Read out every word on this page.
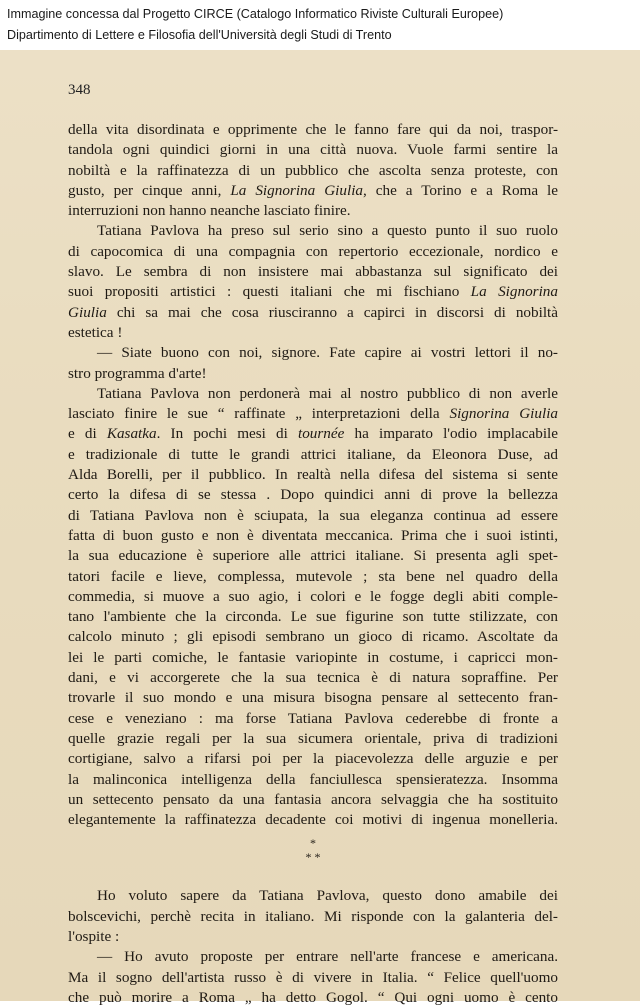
Immagine concessa dal Progetto CIRCE (Catalogo Informatico Riviste Culturali Europee)
Dipartimento di Lettere e Filosofia dell'Università degli Studi di Trento
348
della vita disordinata e opprimente che le fanno fare qui da noi, traspor-
tandola ogni quindici giorni in una città nuova. Vuole farmi sentire la
nobiltà e la raffinatezza di un pubblico che ascolta senza proteste, con
gusto, per cinque anni, La Signorina Giulia, che a Torino e a Roma le
interruzioni non hanno neanche lasciato finire.
Tatiana Pavlova ha preso sul serio sino a questo punto il suo ruolo
di capocomica di una compagnia con repertorio eccezionale, nordico e
slavo. Le sembra di non insistere mai abbastanza sul significato dei
suoi propositi artistici : questi italiani che mi fischiano La Signorina
Giulia chi sa mai che cosa riusciranno a capirci in discorsi di nobiltà
estetica !
— Siate buono con noi, signore. Fate capire ai vostri lettori il no-
stro programma d'arte!
Tatiana Pavlova non perdonerà mai al nostro pubblico di non averle
lasciato finire le sue “ raffinate „ interpretazioni della Signorina Giulia
e di Kasatka. In pochi mesi di tournée ha imparato l'odio implacabile
e tradizionale di tutte le grandi attrici italiane, da Eleonora Duse, ad
Alda Borelli, per il pubblico. In realtà nella difesa del sistema si sente
certo la difesa di se stessa . Dopo quindici anni di prove la bellezza
di Tatiana Pavlova non è sciupata, la sua eleganza continua ad essere
fatta di buon gusto e non è diventata meccanica. Prima che i suoi istinti,
la sua educazione è superiore alle attrici italiane. Si presenta agli spet-
tatori facile e lieve, complessa, mutevole ; sta bene nel quadro della
commedia, si muove a suo agio, i colori e le fogge degli abiti comple-
tano l'ambiente che la circonda. Le sue figurine son tutte stilizzate, con
calcolo minuto ; gli episodi sembrano un gioco di ricamo. Ascoltate da
lei le parti comiche, le fantasie variopinte in costume, i capricci mon-
dani, e vi accorgerete che la sua tecnica è di natura sopraffine. Per
trovarle il suo mondo e una misura bisogna pensare al settecento fran-
cese e veneziano : ma forse Tatiana Pavlova cederebbe di fronte a
quelle grazie regali per la sua sicumera orientale, priva di tradizioni
cortigiane, salvo a rifarsi poi per la piacevolezza delle arguzie e per
la malinconica intelligenza della fanciullesca spensieratezza. Insomma
un settecento pensato da una fantasia ancora selvaggia che ha sostituito
elegantemente la raffinatezza decadente coi motivi di ingenua monelleria.
*
* *
Ho voluto sapere da Tatiana Pavlova, questo dono amabile dei
bolscevichi, perchè recita in italiano. Mi risponde con la galanteria del-
l'ospite :
— Ho avuto proposte per entrare nell'arte francese e americana.
Ma il sogno dell'artista russo è di vivere in Italia. “ Felice quell'uomo
che può morire a Roma „ ha detto Gogol. “ Qui ogni uomo è cento
